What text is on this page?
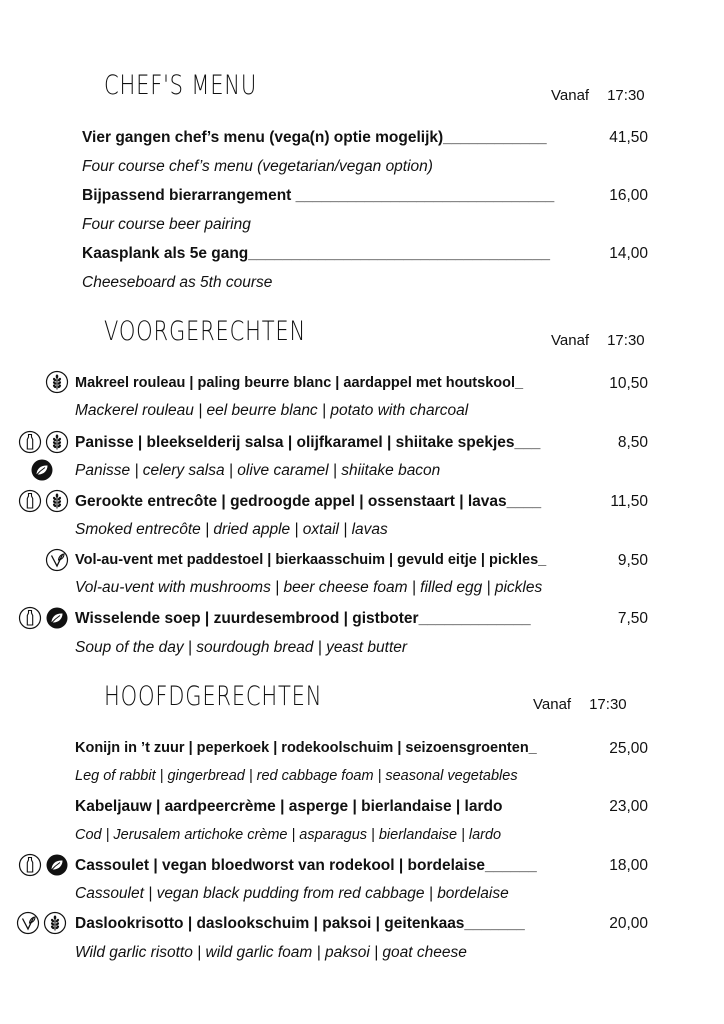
CHEF'S MENU	Vanaf 17:30
Vier gangen chef’s menu (vega(n) optie mogelijk)____________	41,50
Four course chef’s menu (vegetarian/vegan option)
Bijpassend bierarrangement ______________________________	16,00
Four course beer pairing
Kaasplank als 5e gang___________________________________	14,00
Cheeseboard as 5th course
VOORGERECHTEN	Vanaf 17:30
Makreel rouleau | paling beurre blanc | aardappel met houtskool_	10,50
Mackerel rouleau | eel beurre blanc | potato with charcoal
Panisse | bleekselderij salsa | olijfkaramel | shiitake spekjes___	8,50
Panisse | celery salsa | olive caramel | shiitake bacon
Gerookte entrecôte | gedroogde appel | ossenstaart | lavas____	11,50
Smoked entrecôte | dried apple | oxtail | lavas
Vol-au-vent met paddestoel | bierkaasschuim | gevuld eitje | pickles_	9,50
Vol-au-vent with mushrooms | beer cheese foam | filled egg | pickles
Wisselende soep | zuurdesembrood | gistboter_____________	7,50
Soup of the day | sourdough bread | yeast butter
HOOFDGERECHTEN	Vanaf 17:30
Konijn in ’t zuur | peperkoek | rodekoolschuim | seizoensgroenten_	25,00
Leg of rabbit | gingerbread | red cabbage foam | seasonal vegetables
Kabeljauw | aardpeercrème | asperge | bierlandaise | lardo	23,00
Cod | Jerusalem artichoke crème | asparagus | bierlandaise | lardo
Cassoulet | vegan bloedworst van rodekool | bordelaise______	18,00
Cassoulet | vegan black pudding from red cabbage | bordelaise
Daslookrisotto | daslookschuim | paksoi | geitenkaas_______	20,00
Wild garlic risotto | wild garlic foam | paksoi | goat cheese
